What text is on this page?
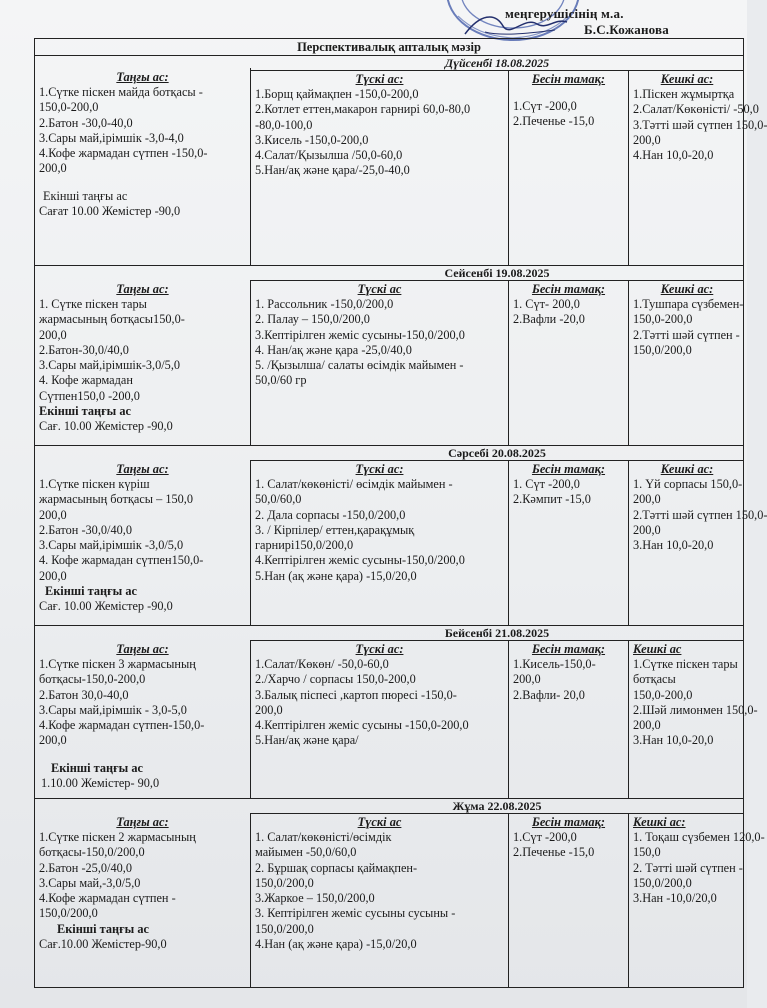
меңгерушісінің м.а.
Б.С.Кожанова
Перспективалық апталық мәзір
Дүйсенбі 18.08.2025
Таңғы ас:
1.Сүтке піскен майда ботқасы -
150,0-200,0
2.Батон -30,0-40,0
3.Сары май,ірімшік -3,0-4,0
4.Кофе жармадан сүтпен -150,0-
200,0
Екінші таңғы ас
Сағат 10.00 Жемістер -90,0
Түскі ас:
1.Борщ қаймақпен -150,0-200,0
2.Котлет еттен,макарон гарнирі 60,0-80,0
-80,0-100,0
3.Кисель -150,0-200,0
4.Салат/Қызылша /50,0-60,0
5.Нан/ақ және қара/-25,0-40,0
Бесін тамақ:
1.Сүт -200,0
2.Печенье -15,0
Кешкі ас:
1.Піскен жұмыртқа
2.Салат/Көкөністі/ -50,0
3.Тәтті шәй сүтпен 150,0-
200,0
4.Нан 10,0-20,0
Сейсенбі 19.08.2025
Таңғы ас:
1. Сүтке піскен тары
жармасының ботқасы150,0-
200,0
2.Батон-30,0/40,0
3.Сары май,ірімшік-3,0/5,0
4. Кофе жармадан
Сүтпен150,0 -200,0
Екінші таңғы ас
Сағ. 10.00 Жемістер -90,0
Түскі ас
1. Рассольник -150,0/200,0
2. Палау – 150,0/200,0
3.Кептірілген жеміс сусыны-150,0/200,0
4. Нан/ақ және қара -25,0/40,0
5. /Қызылша/ салаты өсімдік майымен -
50,0/60 гр
Бесін тамақ:
1. Сүт- 200,0
2.Вафли -20,0
Кешкі ас:
1.Тушпара сүзбемен-
150,0-200,0
2.Тәтті шәй сүтпен -
150,0/200,0
Сәрсебі 20.08.2025
Таңғы ас:
1.Сүтке піскен күріш
жармасының ботқасы – 150,0
200,0
2.Батон -30,0/40,0
3.Сары май,ірімшік -3,0/5,0
4. Кофе жармадан сүтпен150,0-
200,0
Екінші таңғы ас
Сағ. 10.00 Жемістер -90,0
Түскі ас:
1. Салат/көкөністі/ өсімдік майымен -
50,0/60,0
2. Дала сорпасы -150,0/200,0
3. / Кірпілер/ еттен,қарақұмық
гарнирі150,0/200,0
4.Кептірілген жеміс сусыны-150,0/200,0
5.Нан (ақ және қара) -15,0/20,0
Бесін тамақ:
1. Сүт -200,0
2.Кәмпит -15,0
Кешкі ас:
1. Үй сорпасы 150,0-
200,0
2.Тәтті шәй сүтпен 150,0-
200,0
3.Нан 10,0-20,0
Бейсенбі 21.08.2025
Таңғы ас:
1.Сүтке піскен 3 жармасының
ботқасы-150,0-200,0
2.Батон 30,0-40,0
3.Сары май,ірімшік - 3,0-5,0
4.Кофе жармадан сүтпен-150,0-
200,0
Екінші таңғы ас
1.10.00 Жемістер- 90,0
Түскі ас:
1.Салат/Көкөн/ -50,0-60,0
2./Харчо / сорпасы 150,0-200,0
3.Балық піспесі ,картоп пюресі -150,0-
200,0
4.Кептірілген жеміс сусыны -150,0-200,0
5.Нан/ақ және қара/
Бесін тамақ:
1.Кисель-150,0-
200,0
2.Вафли- 20,0
Кешкі ас
1.Сүтке піскен тары
ботқасы
150,0-200,0
2.Шәй лимонмен 150,0-
200,0
3.Нан 10,0-20,0
Жұма 22.08.2025
Таңғы ас:
1.Сүтке піскен 2 жармасының
ботқасы-150,0/200,0
2.Батон -25,0/40,0
3.Сары май,-3,0/5,0
4.Кофе жармадан сүтпен -
150,0/200,0
Екінші таңғы ас
Сағ.10.00 Жемістер-90,0
Түскі ас
1. Салат/көкөністі/өсімдік
майымен -50,0/60,0
2. Бұршақ сорпасы қаймақпен-
150,0/200,0
3.Жаркое – 150,0/200,0
3. Кептірілген жеміс сусыны сусыны -
150,0/200,0
4.Нан (ақ және қара) -15,0/20,0
Бесін тамақ:
1.Сүт -200,0
2.Печенье -15,0
Кешкі ас:
1. Тоқаш сүзбемен 120,0-
150,0
2. Тәтті шәй сүтпен -
150,0/200,0
3.Нан -10,0/20,0
